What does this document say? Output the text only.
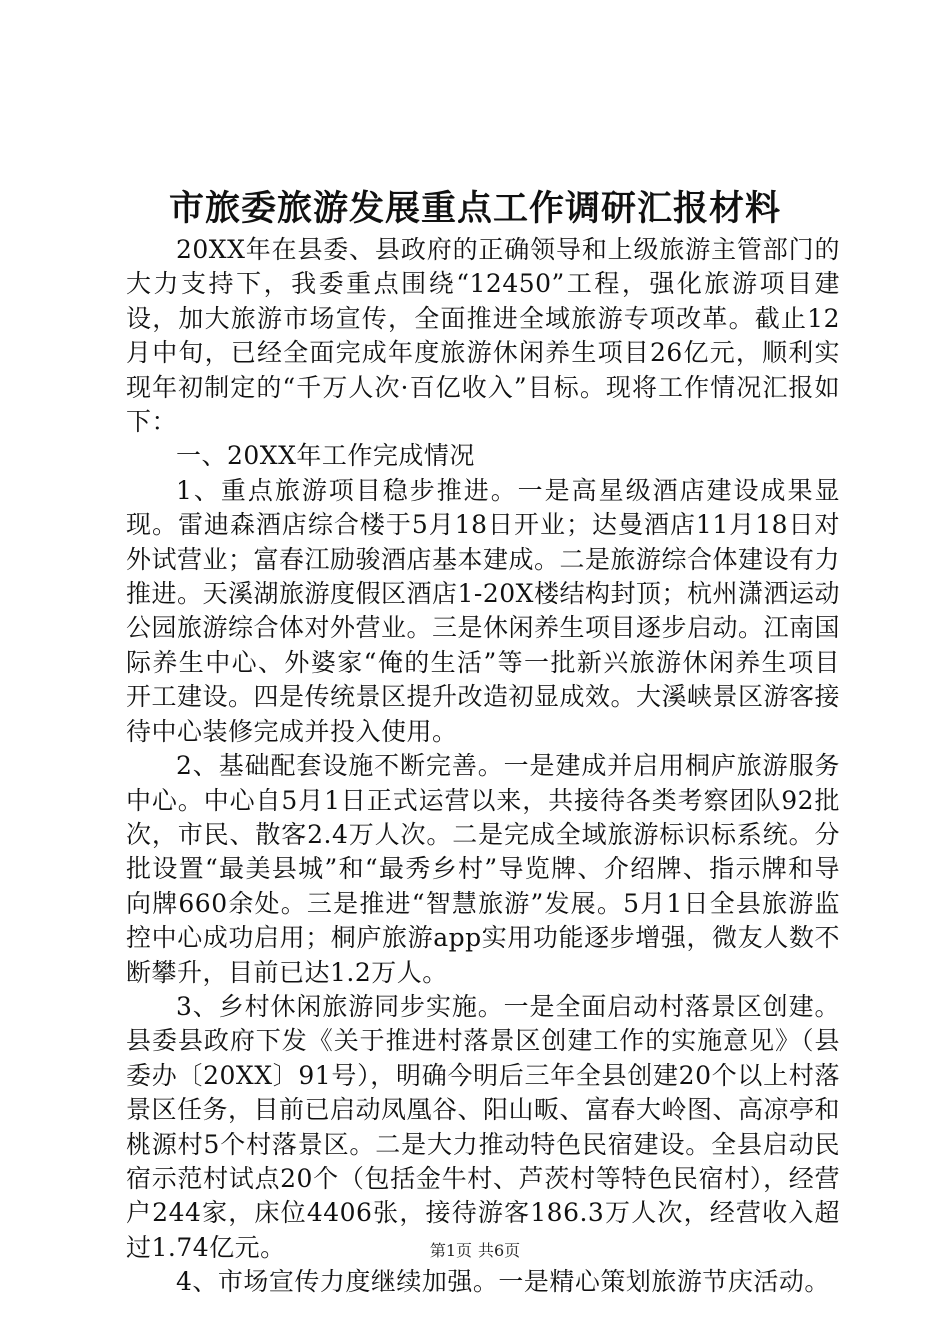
市旅委旅游发展重点工作调研汇报材料

20XX年在县委、县政府的正确领导和上级旅游主管部门的大力支持下，我委重点围绕“12450”工程，强化旅游项目建设，加大旅游市场宣传，全面推进全域旅游专项改革。截止12月中旬，已经全面完成年度旅游休闲养生项目26亿元，顺利实现年初制定的“千万人次·百亿收入”目标。现将工作情况汇报如下：

一、20XX年工作完成情况

1、重点旅游项目稳步推进。一是高星级酒店建设成果显现。雷迪森酒店综合楼于5月18日开业；达曼酒店11月18日对外试营业；富春江励骏酒店基本建成。二是旅游综合体建设有力推进。天溪湖旅游度假区酒店1-20X楼结构封顶；杭州潇洒运动公园旅游综合体对外营业。三是休闲养生项目逐步启动。江南国际养生中心、外婆家“俺的生活”等一批新兴旅游休闲养生项目开工建设。四是传统景区提升改造初显成效。大溪峡景区游客接待中心装修完成并投入使用。

2、基础配套设施不断完善。一是建成并启用桐庐旅游服务中心。中心自5月1日正式运营以来，共接待各类考察团队92批次，市民、散客2.4万人次。二是完成全域旅游标识标系统。分批设置“最美县城”和“最秀乡村”导览牌、介绍牌、指示牌和导向牌660余处。三是推进“智慧旅游”发展。5月1日全县旅游监控中心成功启用；桐庐旅游app实用功能逐步增强，微友人数不断攀升，目前已达1.2万人。

3、乡村休闲旅游同步实施。一是全面启动村落景区创建。县委县政府下发《关于推进村落景区创建工作的实施意见》（县委办〔20XX〕91号），明确今明后三年全县创建20个以上村落景区任务，目前已启动凤凰谷、阳山畈、富春大岭图、高凉亭和桃源村5个村落景区。二是大力推动特色民宿建设。全县启动民宿示范村试点20个（包括金牛村、芦茨村等特色民宿村），经营户244家，床位4406张，接待游客186.3万人次，经营收入超过1.74亿元。

4、市场宣传力度继续加强。一是精心策划旅游节庆活动。

第1页 共6页
